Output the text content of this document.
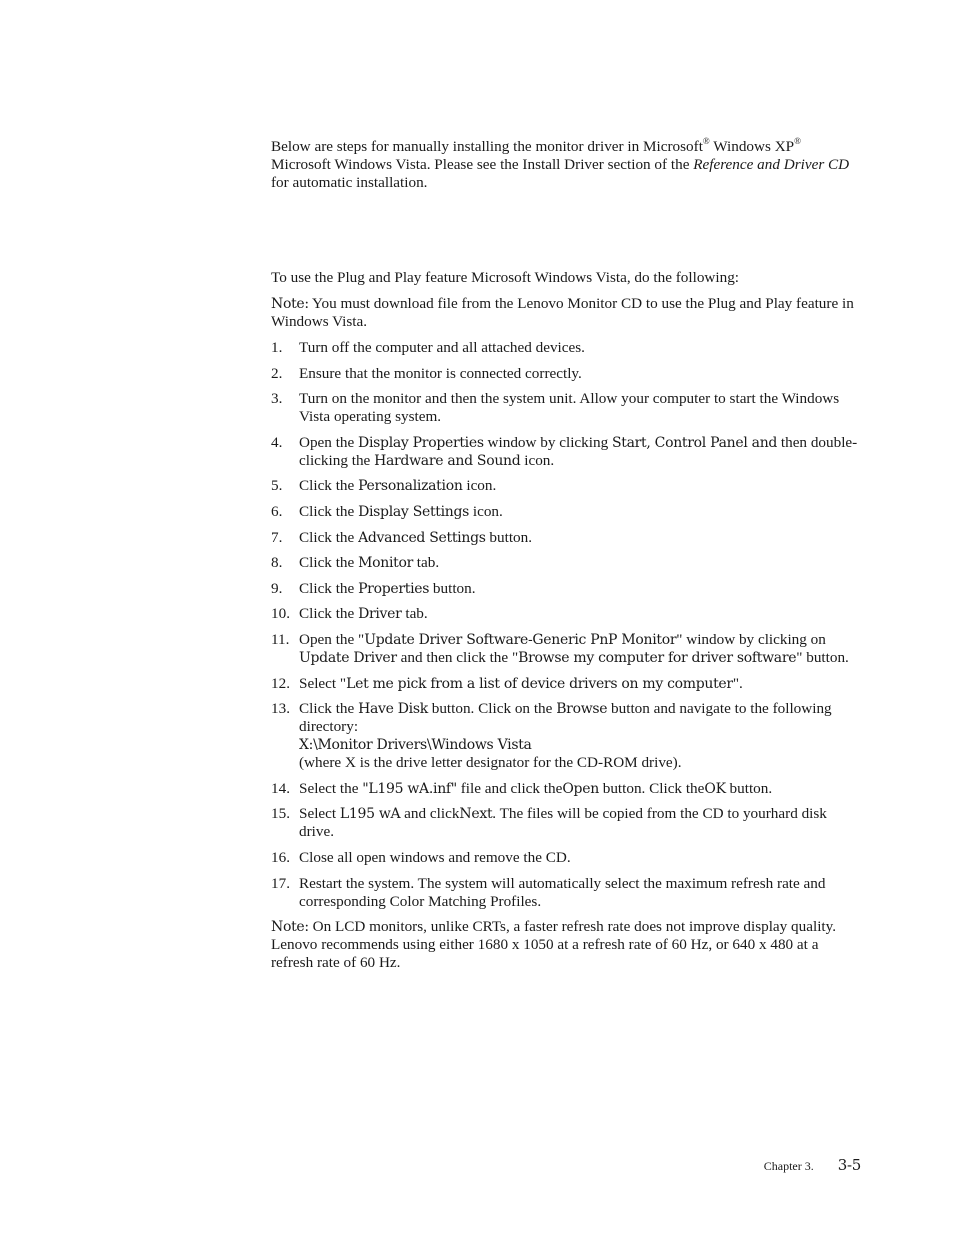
Below are steps for manually installing the monitor driver in Microsoft® Windows XP® Microsoft Windows Vista. Please see the Install Driver section of the Reference and Driver CD for automatic installation.

To use the Plug and Play feature Microsoft Windows Vista, do the following:

Note: You must download file from the Lenovo Monitor CD to use the Plug and Play feature in Windows Vista.

1. Turn off the computer and all attached devices.
2. Ensure that the monitor is connected correctly.
3. Turn on the monitor and then the system unit. Allow your computer to start the Windows Vista operating system.
4. Open the Display Properties window by clicking Start, Control Panel and then double-clicking the Hardware and Sound icon.
5. Click the Personalization icon.
6. Click the Display Settings icon.
7. Click the Advanced Settings button.
8. Click the Monitor tab.
9. Click the Properties button.
10. Click the Driver tab.
11. Open the "Update Driver Software-Generic PnP Monitor" window by clicking on Update Driver and then click the "Browse my computer for driver software" button.
12. Select "Let me pick from a list of device drivers on my computer".
13. Click the Have Disk button. Click on the Browse button and navigate to the following directory:
X:\Monitor Drivers\Windows Vista
(where X is the drive letter designator for the CD-ROM drive).
14. Select the "L195 wA.inf" file and click theOpen button. Click theOK button.
15. Select L195 wA and clickNext. The files will be copied from the CD to yourhard disk drive.
16. Close all open windows and remove the CD.
17. Restart the system. The system will automatically select the maximum refresh rate and corresponding Color Matching Profiles.

Note: On LCD monitors, unlike CRTs, a faster refresh rate does not improve display quality. Lenovo recommends using either 1680 x 1050 at a refresh rate of 60 Hz, or 640 x 480 at a refresh rate of 60 Hz.

Chapter 3. 3-5
